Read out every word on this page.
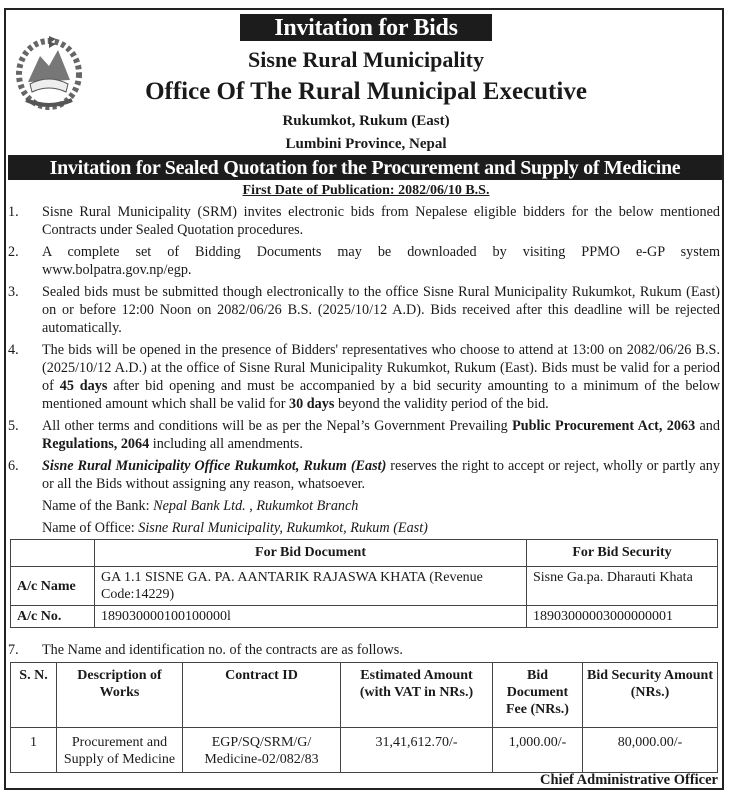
Invitation for Bids
Sisne Rural Municipality
Office Of The Rural Municipal Executive
Rukumkot, Rukum (East)
Lumbini Province, Nepal
Invitation for Sealed Quotation for the Procurement and Supply of Medicine
First Date of Publication: 2082/06/10 B.S.
1.	Sisne Rural Municipality (SRM) invites electronic bids from Nepalese eligible bidders for the below mentioned Contracts under Sealed Quotation procedures.
2.	A complete set of Bidding Documents may be downloaded by visiting PPMO e-GP system
www.bolpatra.gov.np/egp.
3.	Sealed bids must be submitted though electronically to the office Sisne Rural Municipality Rukumkot, Rukum (East) on or before 12:00 Noon on 2082/06/26 B.S. (2025/10/12 A.D). Bids received after this deadline will be rejected automatically.
4.	The bids will be opened in the presence of Bidders' representatives who choose to attend at 13:00 on 2082/06/26 B.S. (2025/10/12 A.D.) at the office of Sisne Rural Municipality Rukumkot, Rukum (East). Bids must be valid for a period of 45 days after bid opening and must be accompanied by a bid security amounting to a minimum of the below mentioned amount which shall be valid for 30 days beyond the validity period of the bid.
5.	All other terms and conditions will be as per the Nepal’s Government Prevailing Public Procurement Act, 2063 and Regulations, 2064 including all amendments.
6.	Sisne Rural Municipality Office Rukumkot, Rukum (East) reserves the right to accept or reject, wholly or partly any or all the Bids without assigning any reason, whatsoever.
Name of the Bank: Nepal Bank Ltd. , Rukumkot Branch
Name of Office: Sisne Rural Municipality, Rukumkot, Rukum (East)
	For Bid Document	For Bid Security
A/c Name	GA 1.1 SISNE GA. PA. AANTARIK RAJASWA KHATA (Revenue Code:14229)	Sisne Ga.pa. Dharauti Khata
A/c No.	189030000100100000l	18903000003000000001
7.	The Name and identification no. of the contracts are as follows.
S. N.	Description of Works	Contract ID	Estimated Amount (with VAT in NRs.)	Bid Document Fee (NRs.)	Bid Security Amount (NRs.)
1	Procurement and Supply of Medicine	EGP/SQ/SRM/G/ Medicine-02/082/83	31,41,612.70/-	1,000.00/-	80,000.00/-
Chief Administrative Officer
